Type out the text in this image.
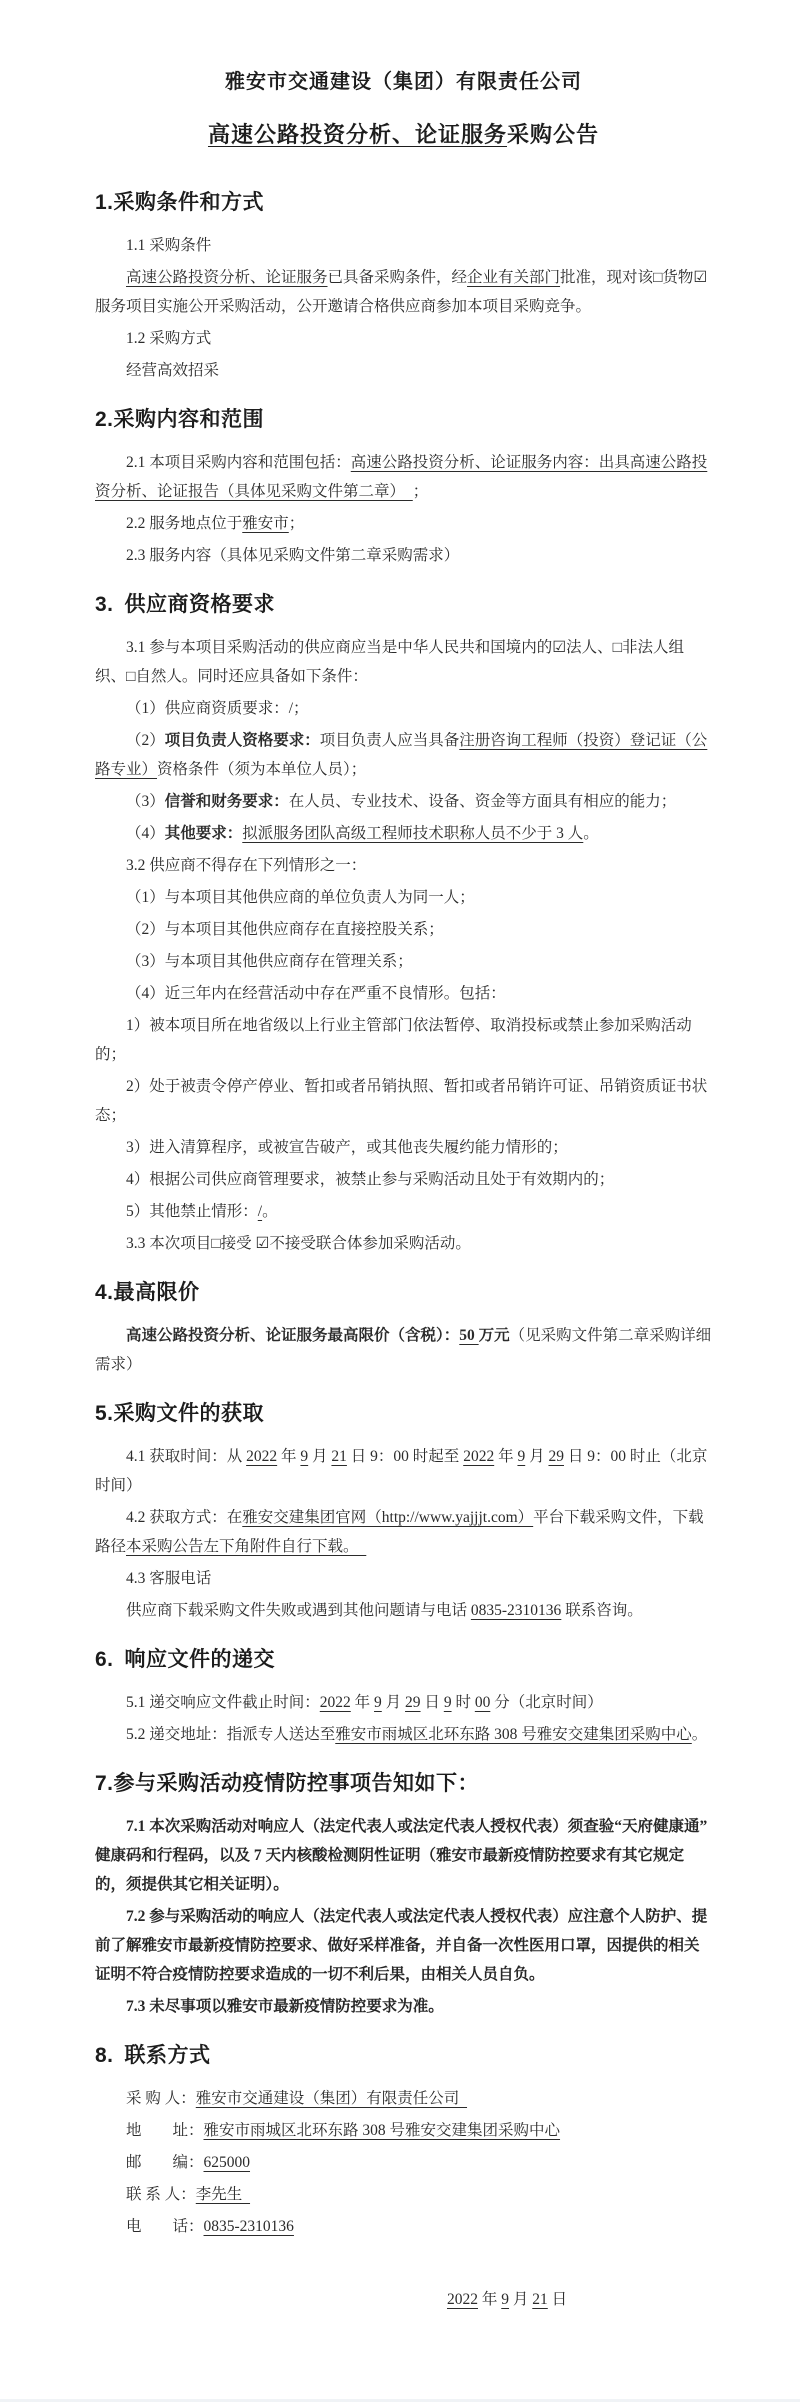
雅安市交通建设（集团）有限责任公司
高速公路投资分析、论证服务采购公告
1.采购条件和方式

1.1 采购条件

高速公路投资分析、论证服务已具备采购条件，经企业有关部门批准，现对该□货物☑服务项目实施公开采购活动，公开邀请合格供应商参加本项目采购竞争。

1.2 采购方式

经营高效招采

2.采购内容和范围

2.1 本项目采购内容和范围包括：高速公路投资分析、论证服务内容：出具高速公路投资分析、论证报告（具体见采购文件第二章） ；

2.2 服务地点位于雅安市；

2.3 服务内容（具体见采购文件第二章采购需求）

3. 供应商资格要求

3.1 参与本项目采购活动的供应商应当是中华人民共和国境内的☑法人、□非法人组织、□自然人。同时还应具备如下条件：

（1）供应商资质要求：/；

（2）项目负责人资格要求：项目负责人应当具备注册咨询工程师（投资）登记证（公路专业）资格条件（须为本单位人员）；

（3）信誉和财务要求：在人员、专业技术、设备、资金等方面具有相应的能力；

（4）其他要求：拟派服务团队高级工程师技术职称人员不少于 3 人。

3.2 供应商不得存在下列情形之一：

（1）与本项目其他供应商的单位负责人为同一人；

（2）与本项目其他供应商存在直接控股关系；

（3）与本项目其他供应商存在管理关系；

（4）近三年内在经营活动中存在严重不良情形。包括：

1）被本项目所在地省级以上行业主管部门依法暂停、取消投标或禁止参加采购活动的；

2）处于被责令停产停业、暂扣或者吊销执照、暂扣或者吊销许可证、吊销资质证书状态；

3）进入清算程序，或被宣告破产，或其他丧失履约能力情形的；

4）根据公司供应商管理要求，被禁止参与采购活动且处于有效期内的；

5）其他禁止情形：/。

3.3 本次项目□接受 ☑不接受联合体参加采购活动。

4.最高限价

高速公路投资分析、论证服务最高限价（含税）：50 万元（见采购文件第二章采购详细需求）

5.采购文件的获取

4.1 获取时间：从 2022 年 9 月 21 日 9：00 时起至 2022 年 9 月 29 日 9：00 时止（北京时间）

4.2 获取方式：在雅安交建集团官网（http://www.yajjjt.com）平台下载采购文件，下载路径本采购公告左下角附件自行下载。 

4.3 客服电话

供应商下载采购文件失败或遇到其他问题请与电话 0835-2310136 联系咨询。

6. 响应文件的递交

5.1 递交响应文件截止时间：2022 年 9 月 29 日 9 时 00 分（北京时间）

5.2 递交地址：指派专人送达至雅安市雨城区北环东路 308 号雅安交建集团采购中心。

7.参与采购活动疫情防控事项告知如下：

7.1 本次采购活动对响应人（法定代表人或法定代表人授权代表）须查验“天府健康通”健康码和行程码，以及 7 天内核酸检测阴性证明（雅安市最新疫情防控要求有其它规定的，须提供其它相关证明）。

7.2 参与采购活动的响应人（法定代表人或法定代表人授权代表）应注意个人防护、提前了解雅安市最新疫情防控要求、做好采样准备，并自备一次性医用口罩，因提供的相关证明不符合疫情防控要求造成的一切不利后果，由相关人员自负。

7.3 未尽事项以雅安市最新疫情防控要求为准。

8. 联系方式

采 购 人：雅安市交通建设（集团）有限责任公司 

地　　址：雅安市雨城区北环东路 308 号雅安交建集团采购中心

邮　　编：625000

联 系 人：李先生 

电　　话：0835-2310136

2022 年 9 月 21 日
